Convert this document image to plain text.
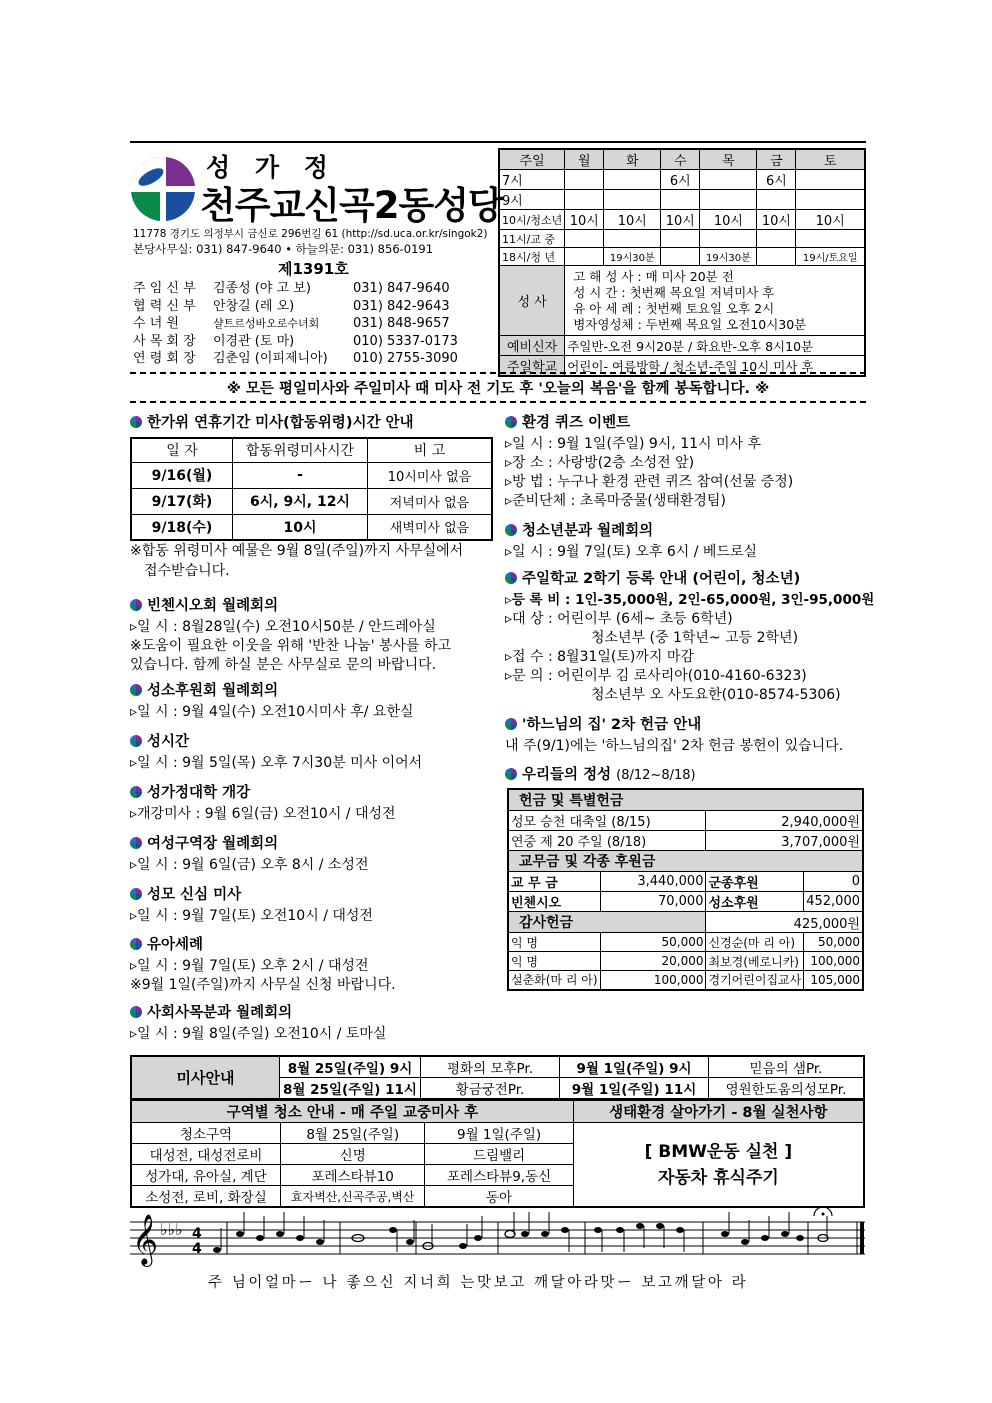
성 가 정
천주교신곡2동성당
11778 경기도 의정부시 금신로 296번길 61 (http://sd.uca.or.kr/singok2)
본당사무실: 031) 847-9640 • 하늘의문: 031) 856-0191
제1391호
주 임 신 부 김종성 (야 고 보)	031) 847-9640
협 력 신 부 안창길 (레 오)	031) 842-9643
수 녀 원	샬트르성바오로수녀회	031) 848-9657
사 목 회 장 이경관 (토 마)	010) 5337-0173
연 령 회 장 김춘임 (이피제니아) 010) 2755-3090
주일	월	화	수	목	금	토
7시			6시		6시	
9시						
10시/청소년	10시	10시	10시	10시	10시	10시
11시/교 중						
18시/청 년		19시30분		19시30분		19시/토요일
성 사	고 해 성 사 : 매 미사 20분 전
성 시 간 : 첫번째 목요일 저녁미사 후
유 아 세 례 : 첫번째 토요일 오후 2시
병자영성체 : 두번째 목요일 오전10시30분					

예비신자	주일반-오전 9시20분 / 화요반-오후 8시10분					
주일학교	어린이- 여름방학 / 청소년-주일 10시 미사 후					
※ 모든 평일미사와 주일미사 때 미사 전 기도 후 '오늘의 복음'을 함께 봉독합니다. ※
한가위 연휴기간 미사(합동위령)시간 안내
일 자	합동위령미사시간	비 고
9/16(월)	-	10시미사 없음
9/17(화)	6시, 9시, 12시	저녁미사 없음
9/18(수)	10시	새벽미사 없음
※합동 위령미사 예물은 9월 8일(주일)까지 사무실에서
접수받습니다.
빈첸시오회 월례회의
▹일 시 : 8월28일(수) 오전10시50분 / 안드레아실
※도움이 필요한 이웃을 위해 '반찬 나눔' 봉사를 하고
있습니다. 함께 하실 분은 사무실로 문의 바랍니다.
성소후원회 월례회의
▹일 시 : 9월 4일(수) 오전10시미사 후/ 요한실
성시간
▹일 시 : 9월 5일(목) 오후 7시30분 미사 이어서
성가정대학 개강
▹개강미사 : 9월 6일(금) 오전10시 / 대성전
여성구역장 월례회의
▹일 시 : 9월 6일(금) 오후 8시 / 소성전
성모 신심 미사
▹일 시 : 9월 7일(토) 오전10시 / 대성전
유아세례
▹일 시 : 9월 7일(토) 오후 2시 / 대성전
※9월 1일(주일)까지 사무실 신청 바랍니다.
사회사목분과 월례회의
▹일 시 : 9월 8일(주일) 오전10시 / 토마실
환경 퀴즈 이벤트
▹일 시 : 9월 1일(주일) 9시, 11시 미사 후
▹장 소 : 사랑방(2층 소성전 앞)
▹방 법 : 누구나 환경 관련 퀴즈 참여(선물 증정)
▹준비단체 : 초록마중물(생태환경팀)
청소년분과 월례회의
▹일 시 : 9월 7일(토) 오후 6시 / 베드로실
주일학교 2학기 등록 안내 (어린이, 청소년)
▹등 록 비 : 1인-35,000원, 2인-65,000원, 3인-95,000원
▹대 상 : 어린이부 (6세~ 초등 6학년)
청소년부 (중 1학년~ 고등 2학년)
▹접 수 : 8월31일(토)까지 마감
▹문 의 : 어린이부 김 로사리아(010-4160-6323)
청소년부 오 사도요한(010-8574-5306)
'하느님의 집' 2차 헌금 안내
내 주(9/1)에는 '하느님의집' 2차 헌금 봉헌이 있습니다.
우리들의 정성 (8/12~8/18)
헌금 및 특별헌금			
성모 승천 대축일 (8/15)		2,940,000원	
연중 제 20 주일 (8/18)		3,707,000원	
교무금 및 각종 후원금			
교 무 금	3,440,000	군종후원	0
빈첸시오	70,000	성소후원	452,000
감사헌금		425,000원	
익 명	50,000	신경순(마 리 아)	50,000
익 명	20,000	최보경(베로니카)	100,000
설춘화(마 리 아)	100,000	경기어린이집교사	105,000
미사안내	8월 25일(주일) 9시	평화의 모후Pr.	9월 1일(주일) 9시	믿음의 샘Pr.
	8월 25일(주일) 11시	황금궁전Pr.	9월 1일(주일) 11시	영원한도움의성모Pr.
구역별 청소 안내 - 매 주일 교중미사 후			생태환경 살아가기 - 8월 실천사항
청소구역	8월 25일(주일)	9월 1일(주일)	[ BMW운동 실천 ]
자동차 휴식주기

대성전, 대성전로비	신명	드림밸리	
성가대, 유아실, 계단	포레스타뷰10	포레스타뷰9,동신	
소성전, 로비, 화장실	효자벽산,신곡주공,벽산	동아	
𝄞 ♭♭♭ 4
4
주 님이얼마ー 나 좋으신 지너희 는맛보고 깨달아라맛ー 보고깨달아 라
